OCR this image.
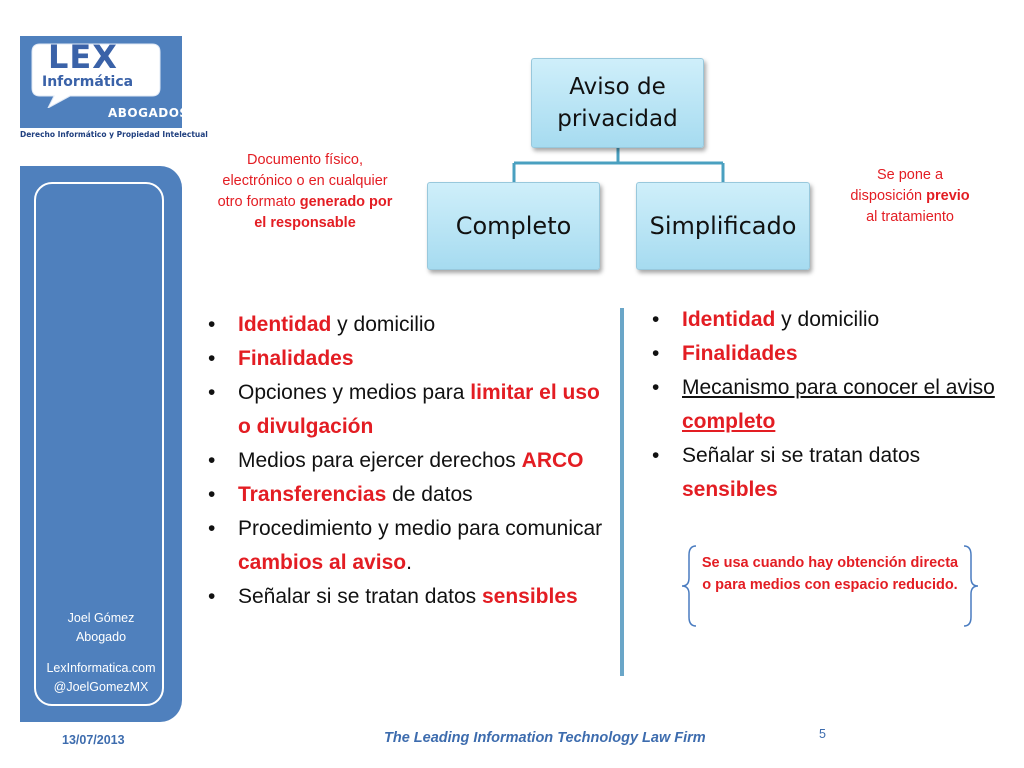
LEX
Informática
ABOGADOS
Derecho Informático y Propiedad Intelectual
Joel Gómez
Abogado
LexInformatica.com
@JoelGomezMX
Aviso de
privacidad
Completo	Simplificado
Documento físico, electrónico o en cualquier otro formato generado por el responsable
Se pone a disposición previo al tratamiento
• Identidad y domicilio
• Finalidades
• Opciones y medios para limitar el uso o divulgación
• Medios para ejercer derechos ARCO
• Transferencias de datos
• Procedimiento y medio para comunicar cambios al aviso.
• Señalar si se tratan datos sensibles
• Identidad y domicilio
• Finalidades
• Mecanismo para conocer el aviso completo
• Señalar si se tratan datos sensibles
Se usa cuando hay obtención directa o para medios con espacio reducido.
13/07/2013	The Leading Information Technology Law Firm	5
